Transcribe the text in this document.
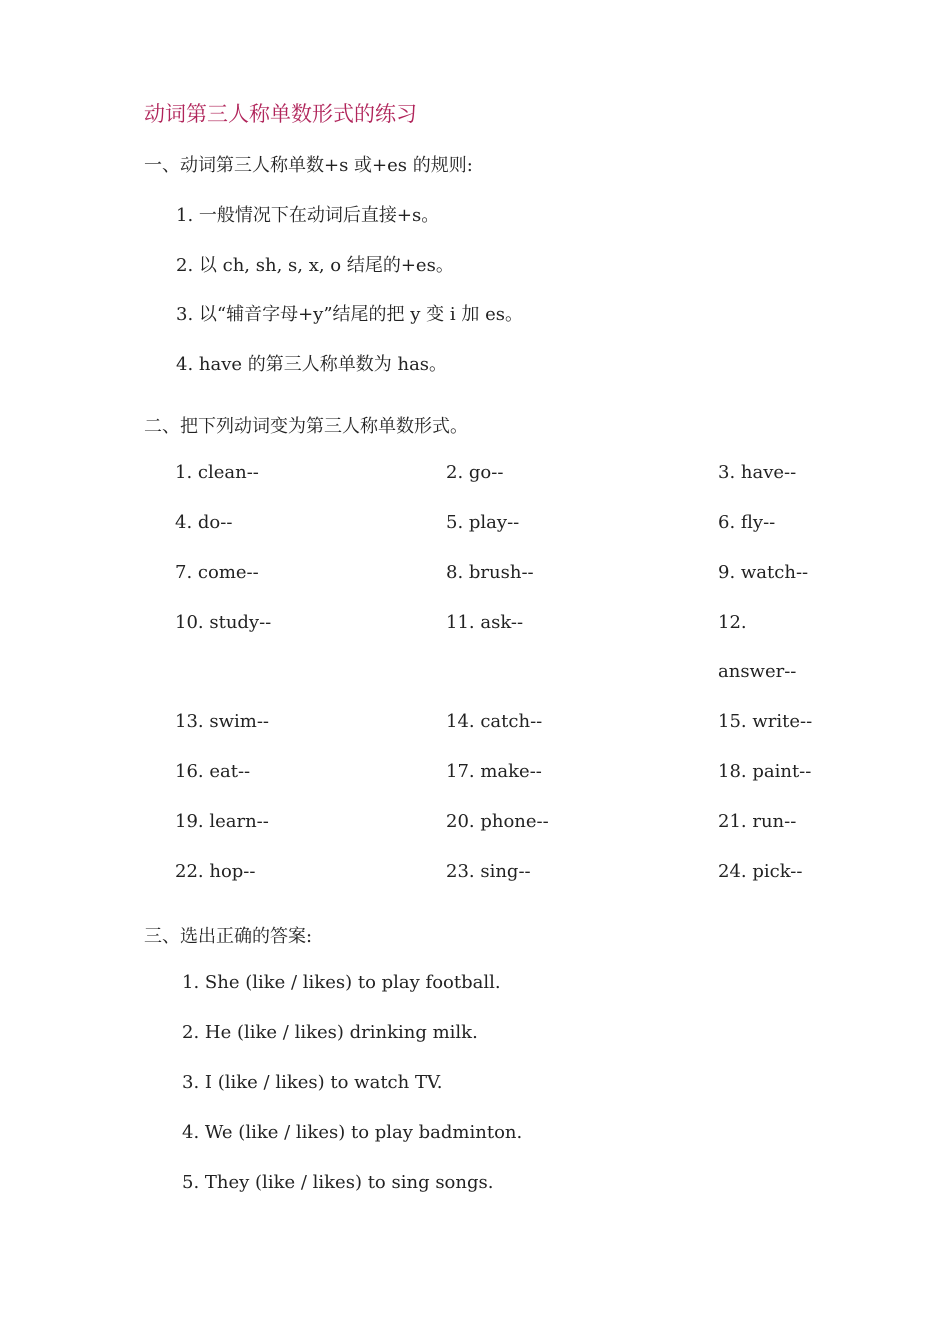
动词第三人称单数形式的练习
一、动词第三人称单数+s 或+es 的规则:
1. 一般情况下在动词后直接+s。
2. 以 ch, sh, s, x, o 结尾的+es。
3. 以“辅音字母+y”结尾的把 y 变 i 加 es。
4. have 的第三人称单数为 has。
二、把下列动词变为第三人称单数形式。
1. clean--	2. go--	3. have--
4. do--	5. play--	6. fly--
7. come--	8. brush--	9. watch--
10. study--	11. ask--	12.
answer--
13. swim--	14. catch--	15. write--
16. eat--	17. make--	18. paint--
19. learn--	20. phone--	21. run--
22. hop--	23. sing--	24. pick--
三、选出正确的答案:
1. She (like / likes) to play football.
2. He (like / likes) drinking milk.
3. I (like / likes) to watch TV.
4. We (like / likes) to play badminton.
5. They (like / likes) to sing songs.
